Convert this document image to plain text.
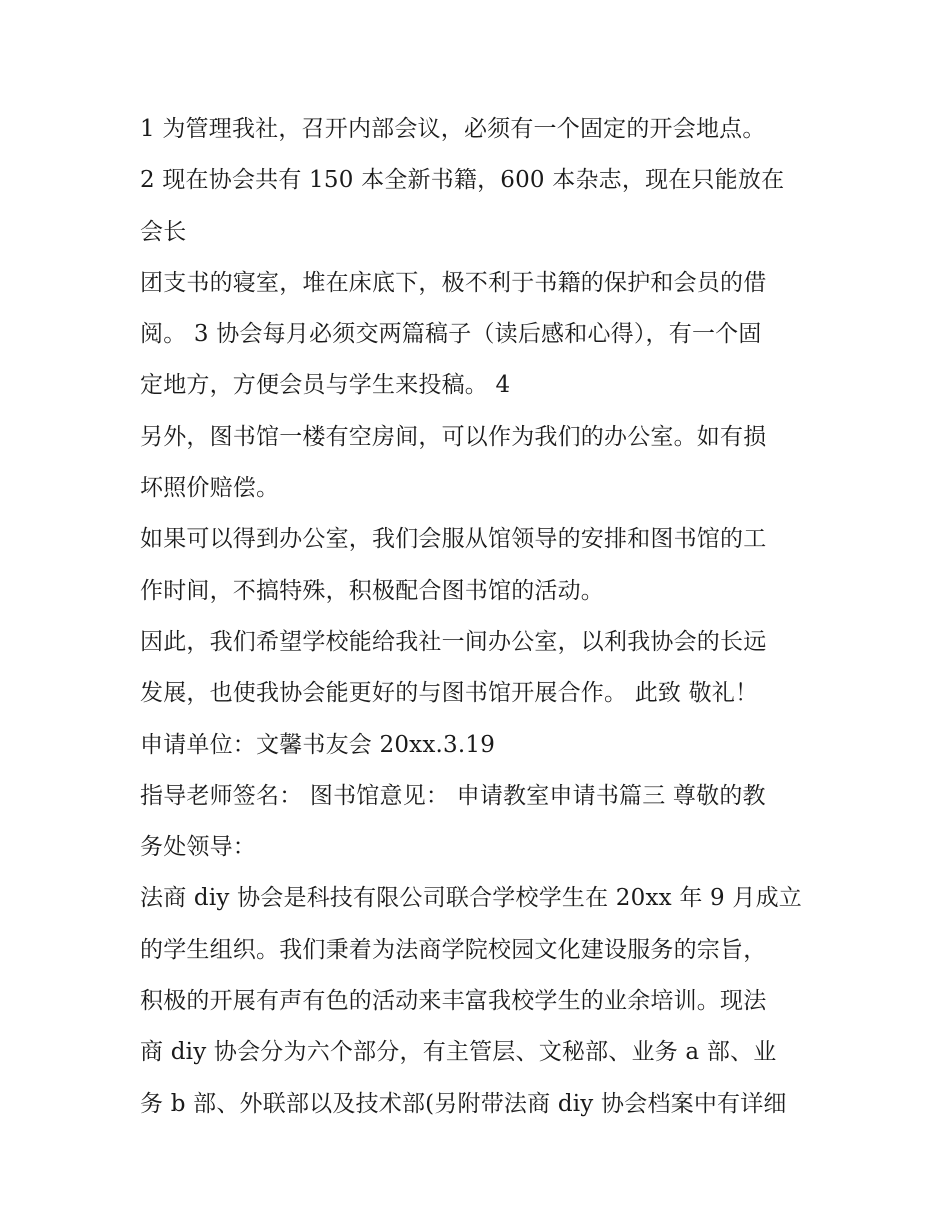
1 为管理我社，召开内部会议，必须有一个固定的开会地点。
2 现在协会共有 150 本全新书籍，600 本杂志，现在只能放在
会长
团支书的寝室，堆在床底下，极不利于书籍的保护和会员的借
阅。 3 协会每月必须交两篇稿子（读后感和心得），有一个固
定地方，方便会员与学生来投稿。 4
另外，图书馆一楼有空房间，可以作为我们的办公室。如有损
坏照价赔偿。
如果可以得到办公室，我们会服从馆领导的安排和图书馆的工
作时间，不搞特殊，积极配合图书馆的活动。
因此，我们希望学校能给我社一间办公室，以利我协会的长远
发展，也使我协会能更好的与图书馆开展合作。 此致 敬礼！
申请单位：文馨书友会 20xx.3.19
指导老师签名： 图书馆意见： 申请教室申请书篇三 尊敬的教
务处领导：
法商 diy 协会是科技有限公司联合学校学生在 20xx 年 9 月成立
的学生组织。我们秉着为法商学院校园文化建设服务的宗旨，
积极的开展有声有色的活动来丰富我校学生的业余培训。现法
商 diy 协会分为六个部分，有主管层、文秘部、业务 a 部、业
务 b 部、外联部以及技术部(另附带法商 diy 协会档案中有详细
